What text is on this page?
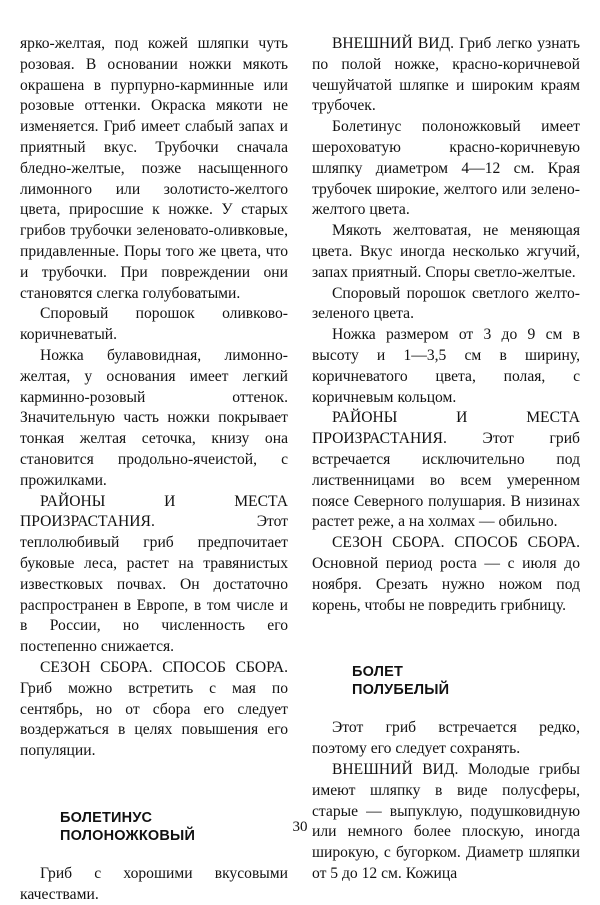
ярко-желтая, под кожей шляпки чуть розовая. В основании ножки мякоть окрашена в пурпурно-карминные или розовые оттенки. Окраска мякоти не изменяется. Гриб имеет слабый запах и приятный вкус. Трубочки сначала бледно-желтые, позже насыщенного лимонного или золотисто-желтого цвета, приросшие к ножке. У старых грибов трубочки зеленовато-оливковые, придавленные. Поры того же цвета, что и трубочки. При повреждении они становятся слегка голубоватыми.

Споровый порошок оливково-коричневатый.

Ножка булавовидная, лимонно-желтая, у основания имеет легкий карминно-розовый оттенок. Значительную часть ножки покрывает тонкая желтая сеточка, книзу она становится продольно-ячеистой, с прожилками.

РАЙОНЫ И МЕСТА ПРОИЗРАСТАНИЯ. Этот теплолюбивый гриб предпочитает буковые леса, растет на травянистых известковых почвах. Он достаточно распространен в Европе, в том числе и в России, но численность его постепенно снижается.

СЕЗОН СБОРА. СПОСОБ СБОРА. Гриб можно встретить с мая по сентябрь, но от сбора его следует воздержаться в целях повышения его популяции.

БОЛЕТИНУС
ПОЛОНОЖКОВЫЙ

Гриб с хорошими вкусовыми качествами.

ВНЕШНИЙ ВИД. Гриб легко узнать по полой ножке, красно-коричневой чешуйчатой шляпке и широким краям трубочек.

Болетинус полоножковый имеет шероховатую красно-коричневую шляпку диаметром 4—12 см. Края трубочек широкие, желтого или зелено-желтого цвета.

Мякоть желтоватая, не меняющая цвета. Вкус иногда несколько жгучий, запах приятный. Споры светло-желтые.

Споровый порошок светлого желто-зеленого цвета.

Ножка размером от 3 до 9 см в высоту и 1—3,5 см в ширину, коричневатого цвета, полая, с коричневым кольцом.

РАЙОНЫ И МЕСТА ПРОИЗРАСТАНИЯ. Этот гриб встречается исключительно под лиственницами во всем умеренном поясе Северного полушария. В низинах растет реже, а на холмах — обильно.

СЕЗОН СБОРА. СПОСОБ СБОРА. Основной период роста — с июля до ноября. Срезать нужно ножом под корень, чтобы не повредить грибницу.

БОЛЕТ
ПОЛУБЕЛЫЙ

Этот гриб встречается редко, поэтому его следует сохранять.

ВНЕШНИЙ ВИД. Молодые грибы имеют шляпку в виде полусферы, старые — выпуклую, подушковидную или немного более плоскую, иногда широкую, с бугорком. Диаметр шляпки от 5 до 12 см. Кожица

30
